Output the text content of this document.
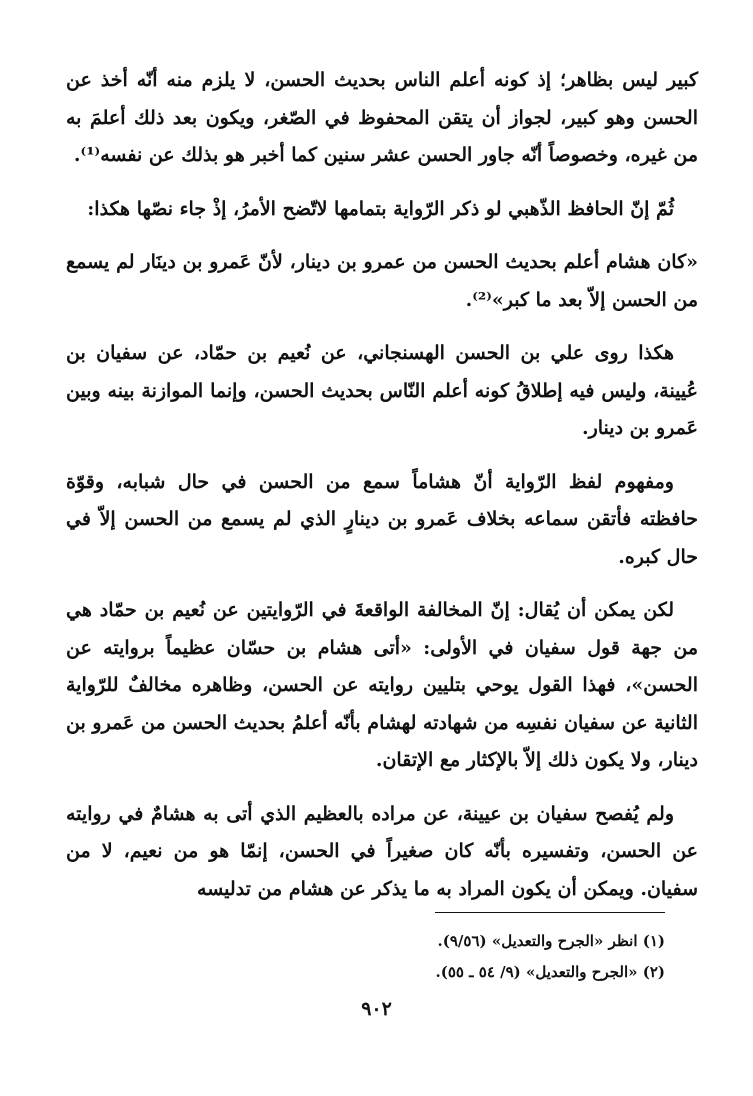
كبير ليس بظاهر؛ إذ كونه أعلم الناس بحديث الحسن، لا يلزم منه أنّه أخذ عن الحسن وهو كبير، لجواز أن يتقن المحفوظ في الصّغر، ويكون بعد ذلك أعلمَ به من غيره، وخصوصاً أنّه جاور الحسن عشر سنين كما أخبر هو بذلك عن نفسه⁽¹⁾.

ثُمّ إنّ الحافظ الذّهبي لو ذكر الرّواية بتمامها لاتّضح الأمرُ، إذْ جاء نصّها هكذا:

«كان هشام أعلم بحديث الحسن من عمرو بن دينار، لأنّ عَمرو بن دينَار لم يسمع من الحسن إلاّ بعد ما كبر»⁽²⁾.

هكذا روى علي بن الحسن الهسنجاني، عن نُعيم بن حمّاد، عن سفيان بن عُيينة، وليس فيه إطلاقُ كونه أعلم النّاس بحديث الحسن، وإنما الموازنة بينه وبين عَمرو بن دينار.

ومفهوم لفظ الرّواية أنّ هشاماً سمع من الحسن في حال شبابه، وقوّة حافظته فأتقن سماعه بخلاف عَمرو بن دينارٍ الذي لم يسمع من الحسن إلاّ في حال كبره.

لكن يمكن أن يُقال: إنّ المخالفة الواقعةَ في الرّوايتين عن نُعيم بن حمّاد هي من جهة قول سفيان في الأولى: «أتى هشام بن حسّان عظيماً بروايته عن الحسن»، فهذا القول يوحي بتليين روايته عن الحسن، وظاهره مخالفٌ للرّواية الثانية عن سفيان نفسِه من شهادته لهشام بأنّه أعلمُ بحديث الحسن من عَمرو بن دينار، ولا يكون ذلك إلاّ بالإكثار مع الإتقان.

ولم يُفصح سفيان بن عيينة، عن مراده بالعظيم الذي أتى به هشامٌ في روايته عن الحسن، وتفسيره بأنّه كان صغيراً في الحسن، إنمّا هو من نعيم، لا من سفيان. ويمكن أن يكون المراد به ما يذكر عن هشام من تدليسه

(١) انظر «الجرح والتعديل» (٩/٥٦).

(٢) «الجرح والتعديل» (٩/ ٥٤ ـ ٥٥).

٩٠٢
